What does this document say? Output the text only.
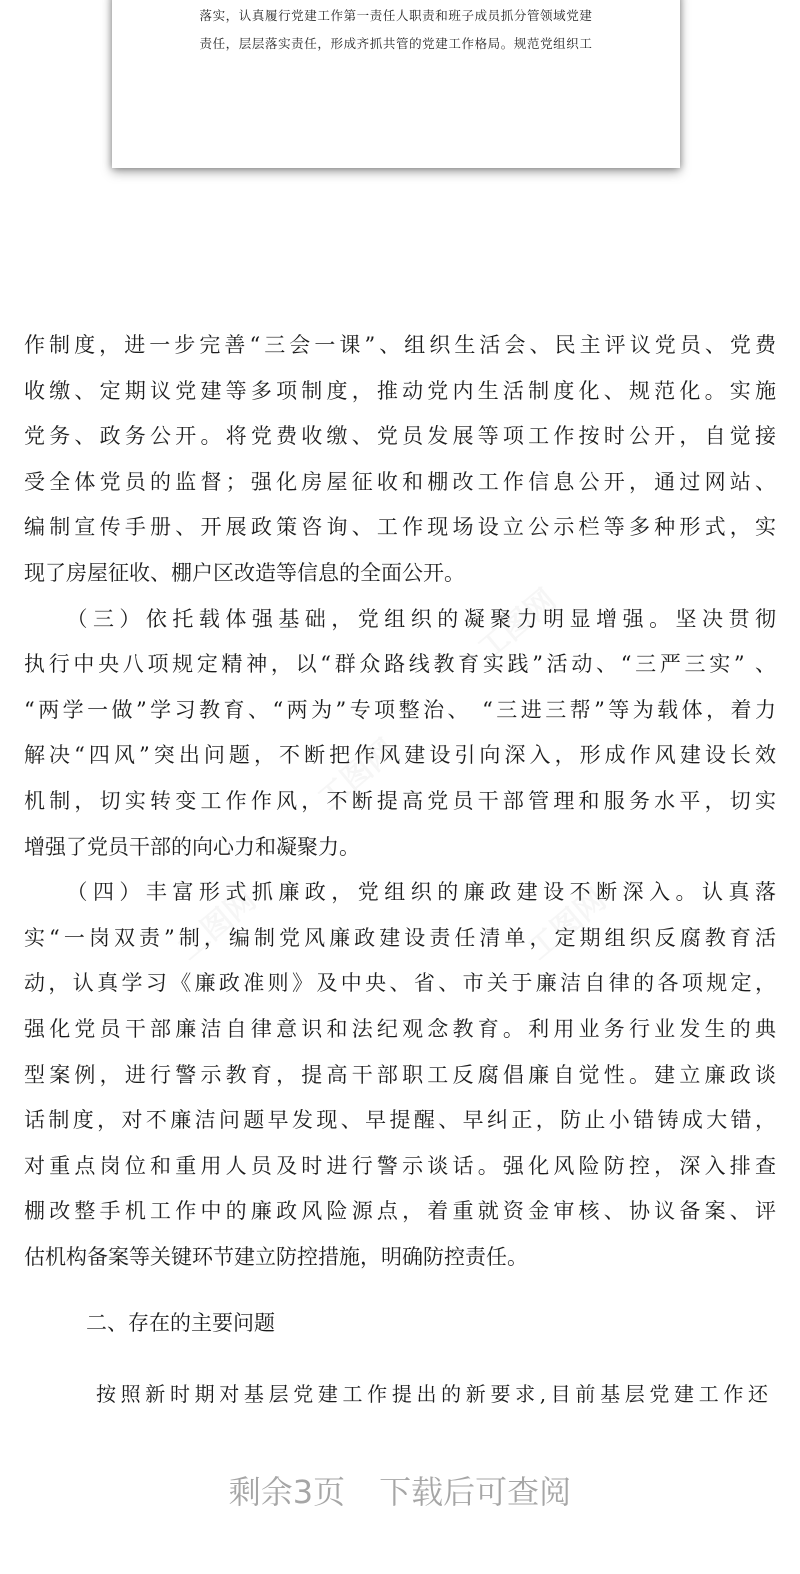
工图网
工图网
工图网	工图网
落实，认真履行党建工作第一责任人职责和班子成员抓分管领域党建
责任，层层落实责任，形成齐抓共管的党建工作格局。规范党组织工
作制度，进一步完善“三会一课”、组织生活会、民主评议党员、党费
收缴、定期议党建等多项制度，推动党内生活制度化、规范化。实施
党务、政务公开。将党费收缴、党员发展等项工作按时公开，自觉接
受全体党员的监督；强化房屋征收和棚改工作信息公开，通过网站、
编制宣传手册、开展政策咨询、工作现场设立公示栏等多种形式，实
现了房屋征收、棚户区改造等信息的全面公开。
　　（三）依托载体强基础，党组织的凝聚力明显增强。坚决贯彻
执行中央八项规定精神，以“群众路线教育实践”活动、“三严三实” 、
“两学一做”学习教育、“两为”专项整治、 “三进三帮”等为载体，着力
解决“四风”突出问题，不断把作风建设引向深入，形成作风建设长效
机制，切实转变工作作风，不断提高党员干部管理和服务水平，切实
增强了党员干部的向心力和凝聚力。
　　（四）丰富形式抓廉政，党组织的廉政建设不断深入。认真落
实“一岗双责”制，编制党风廉政建设责任清单，定期组织反腐教育活
动，认真学习《廉政准则》及中央、省、市关于廉洁自律的各项规定，
强化党员干部廉洁自律意识和法纪观念教育。利用业务行业发生的典
型案例，进行警示教育，提高干部职工反腐倡廉自觉性。建立廉政谈
话制度，对不廉洁问题早发现、早提醒、早纠正，防止小错铸成大错，
对重点岗位和重用人员及时进行警示谈话。强化风险防控，深入排查
棚改整手机工作中的廉政风险源点，着重就资金审核、协议备案、评
估机构备案等关键环节建立防控措施，明确防控责任。
二、存在的主要问题
按照新时期对基层党建工作提出的新要求,目前基层党建工作还
剩余3页 下载后可查阅
